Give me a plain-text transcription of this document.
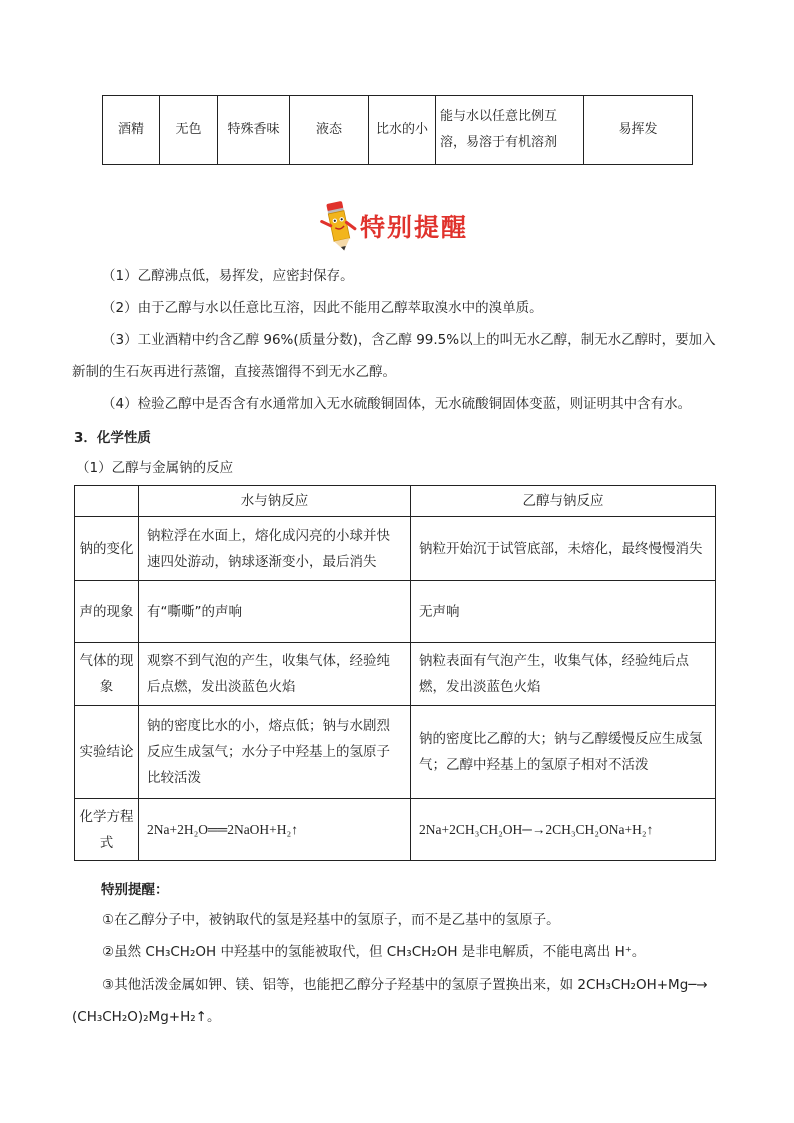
酒精	无色	特殊香味	液态	比水的小	能与水以任意比例互溶，易溶于有机溶剂	易挥发
特别提醒

（1）乙醇沸点低，易挥发，应密封保存。

（2）由于乙醇与水以任意比互溶，因此不能用乙醇萃取溴水中的溴单质。

（3）工业酒精中约含乙醇 96%(质量分数)，含乙醇 99.5%以上的叫无水乙醇，制无水乙醇时，要加入

新制的生石灰再进行蒸馏，直接蒸馏得不到无水乙醇。

（4）检验乙醇中是否含有水通常加入无水硫酸铜固体，无水硫酸铜固体变蓝，则证明其中含有水。

3．化学性质

（1）乙醇与金属钠的反应

	水与钠反应	乙醇与钠反应
钠的变化	钠粒浮在水面上，熔化成闪亮的小球并快速四处游动，钠球逐渐变小，最后消失	钠粒开始沉于试管底部，未熔化，最终慢慢消失
声的现象	有“嘶嘶”的声响	无声响
气体的现象	观察不到气泡的产生，收集气体，经验纯后点燃，发出淡蓝色火焰	钠粒表面有气泡产生，收集气体，经验纯后点燃，发出淡蓝色火焰
实验结论	钠的密度比水的小，熔点低；钠与水剧烈反应生成氢气；水分子中羟基上的氢原子比较活泼	钠的密度比乙醇的大；钠与乙醇缓慢反应生成氢气；乙醇中羟基上的氢原子相对不活泼
化学方程式	2Na+2H₂O══2NaOH+H₂↑	2Na+2CH₃CH₂OH─→2CH₃CH₂ONa+H₂↑
特别提醒：

①在乙醇分子中，被钠取代的氢是羟基中的氢原子，而不是乙基中的氢原子。

②虽然 CH₃CH₂OH 中羟基中的氢能被取代，但 CH₃CH₂OH 是非电解质，不能电离出 H⁺。

③其他活泼金属如钾、镁、铝等，也能把乙醇分子羟基中的氢原子置换出来，如 2CH₃CH₂OH+Mg─→

(CH₃CH₂O)₂Mg+H₂↑。
